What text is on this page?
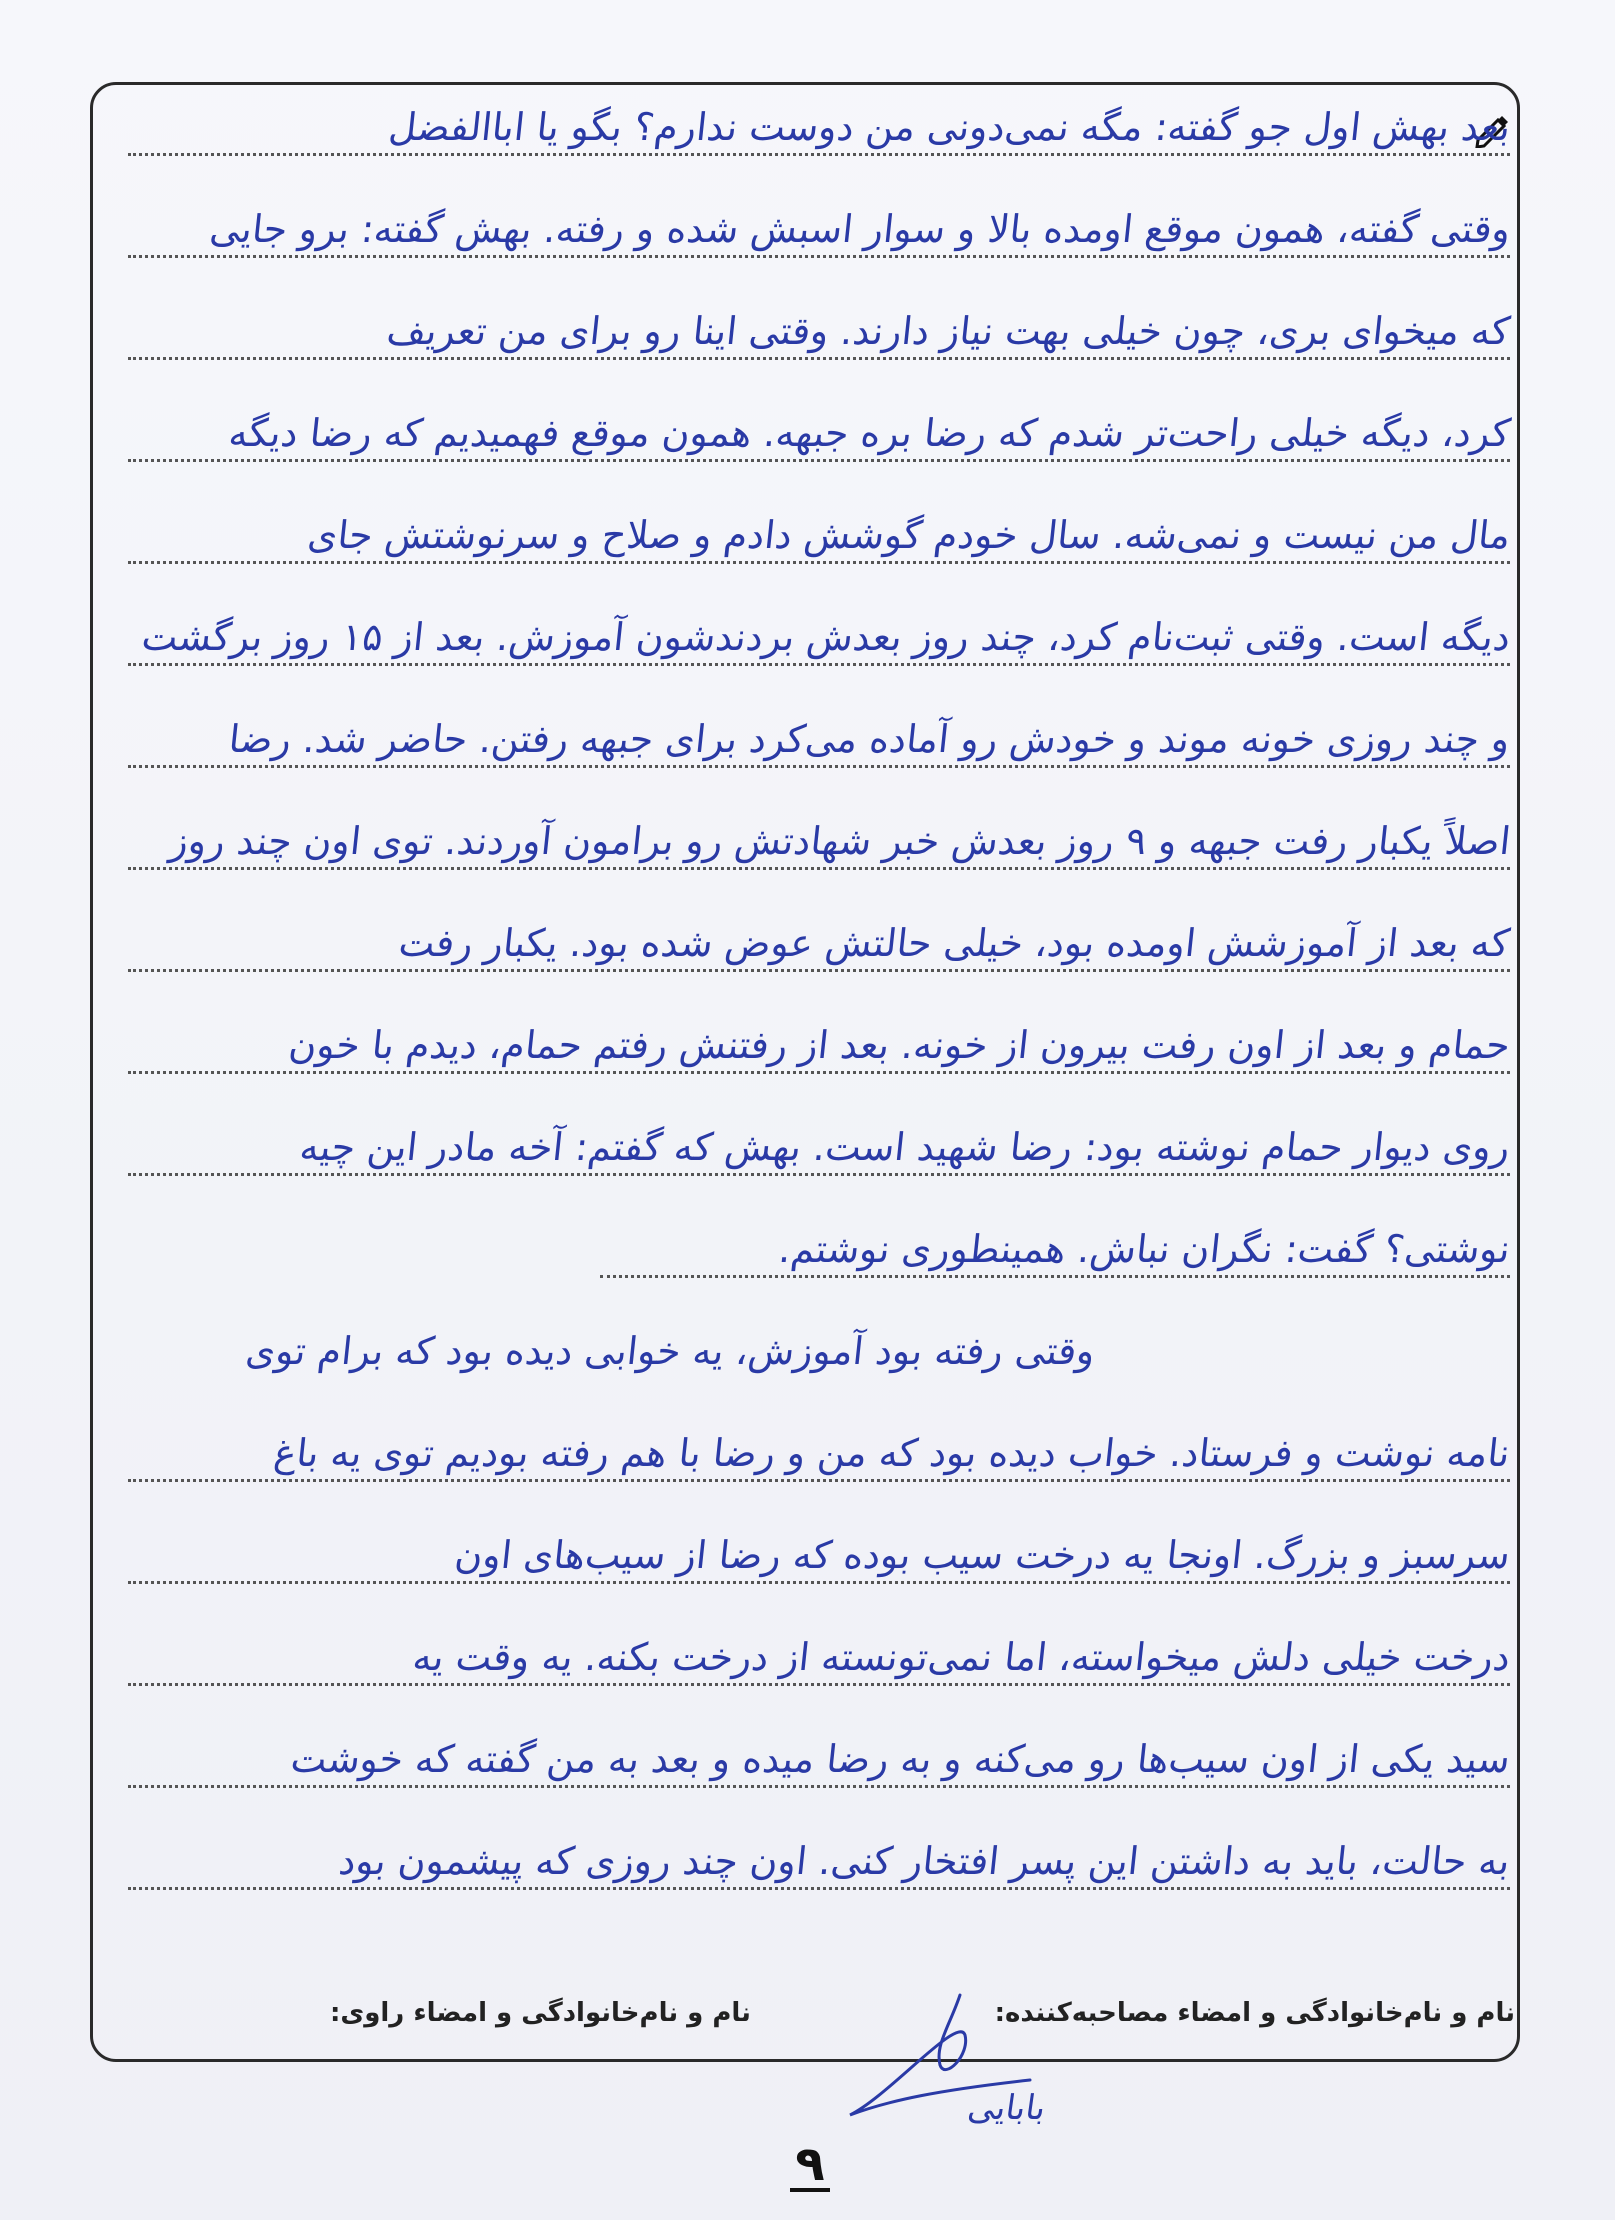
بعد بهش اول جو گفته: مگه نمی‌دونی من دوست ندارم؟ بگو یا اباالفضل
وقتی گفته، همون موقع اومده بالا و سوار اسبش شده و رفته. بهش گفته: برو جایی
که میخوای بری، چون خیلی بهت نیاز دارند. وقتی اینا رو برای من تعریف
کرد، دیگه خیلی راحت‌تر شدم که رضا بره جبهه. همون موقع فهمیدیم که رضا دیگه
مال من نیست و نمی‌شه. سال خودم گوشش دادم و صلاح و سرنوشتش جای
دیگه است. وقتی ثبت‌نام کرد، چند روز بعدش بردندشون آموزش. بعد از ۱۵ روز برگشت
و چند روزی خونه موند و خودش رو آماده می‌کرد برای جبهه رفتن. حاضر شد. رضا
اصلاً یکبار رفت جبهه و ۹ روز بعدش خبر شهادتش رو برامون آوردند. توی اون چند روز
که بعد از آموزشش اومده بود، خیلی حالتش عوض شده بود. یکبار رفت
حمام و بعد از اون رفت بیرون از خونه. بعد از رفتنش رفتم حمام، دیدم با خون
روی دیوار حمام نوشته بود: رضا شهید است. بهش که گفتم: آخه مادر این چیه
نوشتی؟ گفت: نگران نباش. همینطوری نوشتم.
وقتی رفته بود آموزش، یه خوابی دیده بود که برام توی
نامه نوشت و فرستاد. خواب دیده بود که من و رضا با هم رفته بودیم توی یه باغ
سرسبز و بزرگ. اونجا یه درخت سیب بوده که رضا از سیب‌های اون
درخت خیلی دلش میخواسته، اما نمی‌تونسته از درخت بکنه. یه وقت یه
سید یکی از اون سیب‌ها رو می‌کنه و به رضا میده و بعد به من گفته که خوشت
به حالت، باید به داشتن این پسر افتخار کنی. اون چند روزی که پیشمون بود
نام و نام‌خانوادگی و امضاء مصاحبه‌کننده:
نام و نام‌خانوادگی و امضاء راوی:
بابایی
۹
